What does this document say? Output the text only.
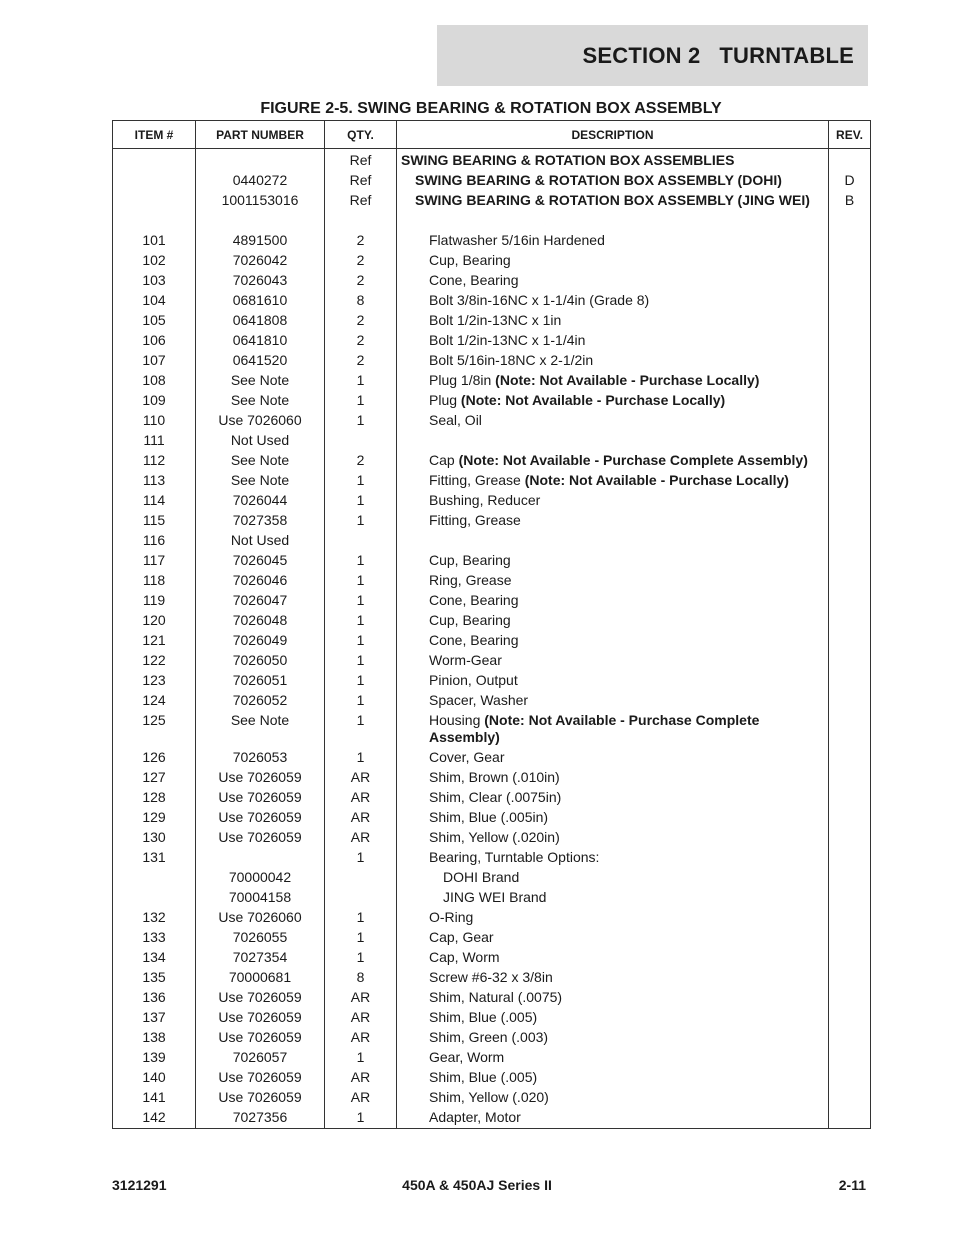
SECTION 2   TURNTABLE
FIGURE 2-5. SWING BEARING & ROTATION BOX ASSEMBLY
ITEM #	PART NUMBER	QTY.	DESCRIPTION	REV.
		Ref	SWING BEARING & ROTATION BOX ASSEMBLIES	
	0440272	Ref	SWING BEARING & ROTATION BOX ASSEMBLY (DOHI)	D
	1001153016	Ref	SWING BEARING & ROTATION BOX ASSEMBLY (JING WEI)	B

101	4891500	2	Flatwasher 5/16in Hardened	
102	7026042	2	Cup, Bearing	
103	7026043	2	Cone, Bearing	
104	0681610	8	Bolt 3/8in-16NC x 1-1/4in (Grade 8)	
105	0641808	2	Bolt 1/2in-13NC x 1in	
106	0641810	2	Bolt 1/2in-13NC x 1-1/4in	
107	0641520	2	Bolt 5/16in-18NC x 2-1/2in	
108	See Note	1	Plug 1/8in (Note: Not Available - Purchase Locally)	
109	See Note	1	Plug (Note: Not Available - Purchase Locally)	
110	Use 7026060	1	Seal, Oil	
111	Not Used			
112	See Note	2	Cap (Note: Not Available - Purchase Complete Assembly)	
113	See Note	1	Fitting, Grease (Note: Not Available - Purchase Locally)	
114	7026044	1	Bushing, Reducer	
115	7027358	1	Fitting, Grease	
116	Not Used			
117	7026045	1	Cup, Bearing	
118	7026046	1	Ring, Grease	
119	7026047	1	Cone, Bearing	
120	7026048	1	Cup, Bearing	
121	7026049	1	Cone, Bearing	
122	7026050	1	Worm-Gear	
123	7026051	1	Pinion, Output	
124	7026052	1	Spacer, Washer	
125	See Note	1	Housing (Note: Not Available - Purchase Complete Assembly)	
126	7026053	1	Cover, Gear	
127	Use 7026059	AR	Shim, Brown (.010in)	
128	Use 7026059	AR	Shim, Clear (.0075in)	
129	Use 7026059	AR	Shim, Blue (.005in)	
130	Use 7026059	AR	Shim, Yellow (.020in)	
131		1	Bearing, Turntable Options:	
	70000042		DOHI Brand	
	70004158		JING WEI Brand	
132	Use 7026060	1	O-Ring	
133	7026055	1	Cap, Gear	
134	7027354	1	Cap, Worm	
135	70000681	8	Screw #6-32 x 3/8in	
136	Use 7026059	AR	Shim, Natural (.0075)	
137	Use 7026059	AR	Shim, Blue (.005)	
138	Use 7026059	AR	Shim, Green (.003)	
139	7026057	1	Gear, Worm	
140	Use 7026059	AR	Shim, Blue (.005)	
141	Use 7026059	AR	Shim, Yellow (.020)	
142	7027356	1	Adapter, Motor	
3121291	450A & 450AJ Series II	2-11
